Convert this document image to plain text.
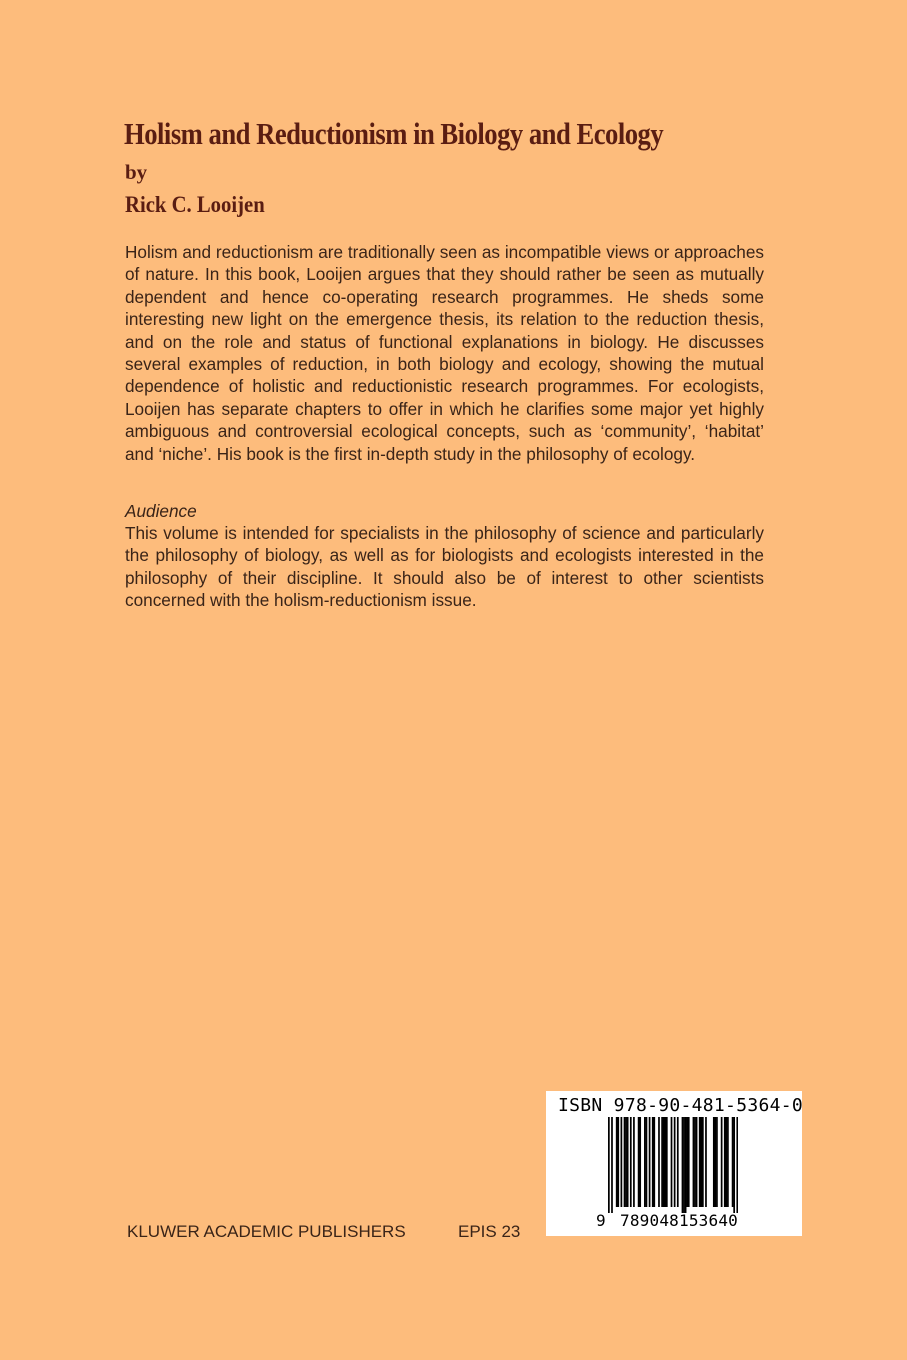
Holism and Reductionism in Biology and Ecology

by

Rick C. Looijen

Holism and reductionism are traditionally seen as incompatible views or approaches of nature. In this book, Looijen argues that they should rather be seen as mutually dependent and hence co-operating research programmes. He sheds some interesting new light on the emergence thesis, its relation to the reduction thesis, and on the role and status of functional explanations in biology. He discusses several examples of reduction, in both biology and ecology, showing the mutual dependence of holistic and reductionistic research programmes. For ecologists, Looijen has separate chapters to offer in which he clarifies some major yet highly ambiguous and controversial ecological concepts, such as ‘community’, ‘habitat’ and ‘niche’. His book is the first in-depth study in the philosophy of ecology.

Audience

This volume is intended for specialists in the philosophy of science and particularly the philosophy of biology, as well as for biologists and ecologists interested in the philosophy of their discipline. It should also be of interest to other scientists concerned with the holism-reductionism issue.

KLUWER ACADEMIC PUBLISHERS	EPIS 23

ISBN 978-90-481-5364-0

9 789048153640
